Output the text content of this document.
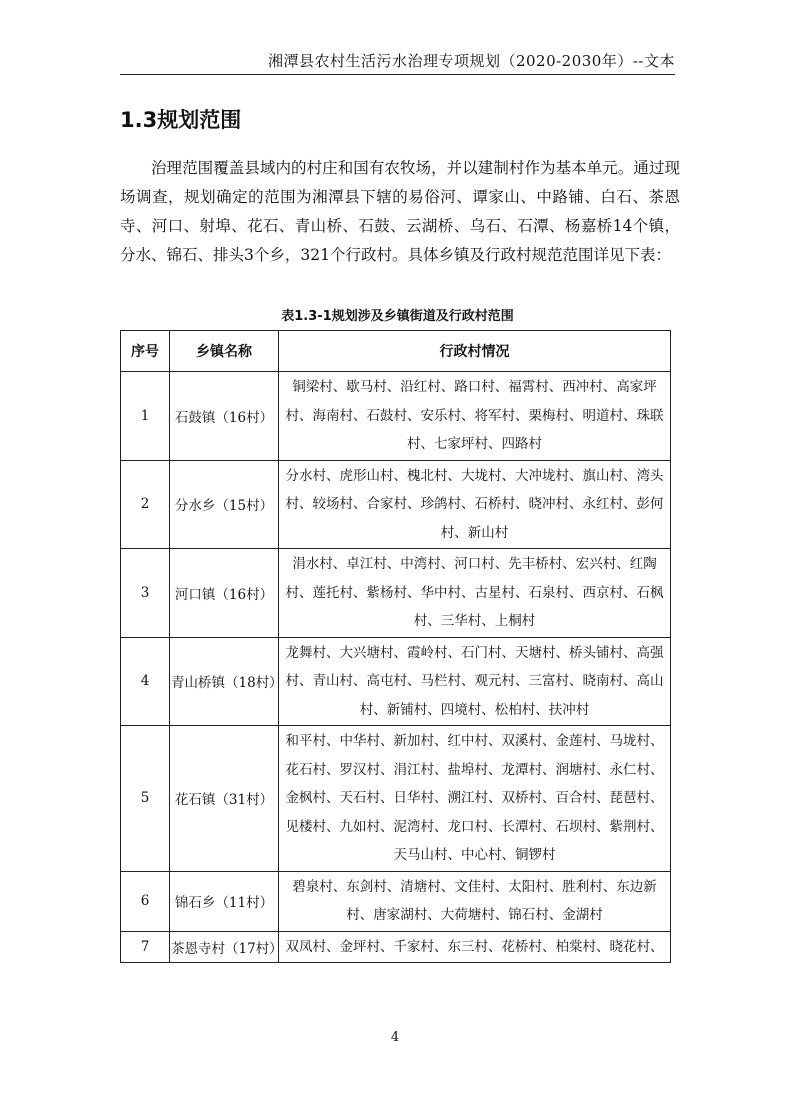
湘潭县农村生活污水治理专项规划（2020-2030年）--文本
1.3规划范围

治理范围覆盖县域内的村庄和国有农牧场，并以建制村作为基本单元。通过现场调查，规划确定的范围为湘潭县下辖的易俗河、谭家山、中路铺、白石、茶恩寺、河口、射埠、花石、青山桥、石鼓、云湖桥、乌石、石潭、杨嘉桥14个镇，分水、锦石、排头3个乡，321个行政村。具体乡镇及行政村规范范围详见下表：

表1.3-1规划涉及乡镇街道及行政村范围
序号	乡镇名称	行政村情况
1	石鼓镇（16村）	铜梁村、歇马村、沿红村、路口村、福霄村、西冲村、高家坪村、海南村、石鼓村、安乐村、将军村、栗梅村、明道村、珠联村、七家坪村、四路村
2	分水乡（15村）	分水村、虎形山村、槐北村、大垅村、大冲垅村、旗山村、湾头村、较场村、合家村、珍鸽村、石桥村、晓冲村、永红村、彭何村、新山村
3	河口镇（16村）	涓水村、卓江村、中湾村、河口村、先丰桥村、宏兴村、红陶村、莲托村、紫杨村、华中村、古星村、石泉村、西京村、石枫村、三华村、上桐村
4	青山桥镇（18村）	龙舞村、大兴塘村、霞岭村、石门村、天塘村、桥头铺村、高强村、青山村、高屯村、马栏村、观元村、三富村、晓南村、高山村、新铺村、四境村、松柏村、扶冲村
5	花石镇（31村）	和平村、中华村、新加村、红中村、双溪村、金莲村、马垅村、花石村、罗汉村、涓江村、盐埠村、龙潭村、润塘村、永仁村、金枫村、天石村、日华村、溯江村、双桥村、百合村、琵琶村、见楼村、九如村、泥湾村、龙口村、长潭村、石坝村、紫荆村、天马山村、中心村、铜锣村
6	锦石乡（11村）	碧泉村、东剑村、清塘村、文佳村、太阳村、胜利村、东边新村、唐家湖村、大荷塘村、锦石村、金湖村
7	茶恩寺村（17村）	双凤村、金坪村、千家村、东三村、花桥村、柏棠村、晓花村、
4
